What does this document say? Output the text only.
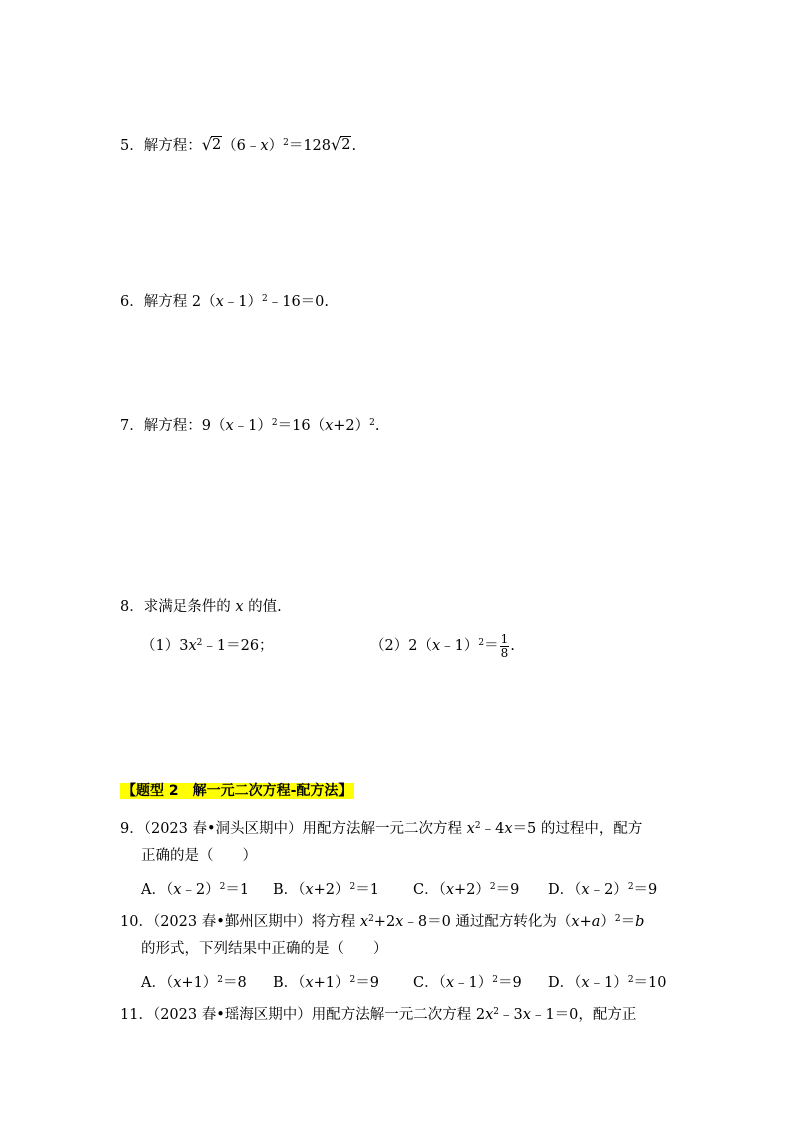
5．解方程： √ 2 （6﹣x）$^2$＝128 √ 2 .
6．解方程 2（x﹣1）$^2$﹣16＝0.
7．解方程：$9(x﹣1)^2=16(x+2)^2$.
8．求满足条件的 x 的值.
$(1)3x^2﹣1=26$；	（2）2（x﹣1）$^2$＝ $\frac{1}{8}$ .
【题型 2　解一元二次方程-配方法】
9．（2023 春•洞头区期中）用配方法解一元二次方程 $x^2﹣4x=5$ 的过程中，配方
正确的是（　　）
A．（x﹣2）$^2$＝1 B．$(x+2)^2=1$ C．$(x+2)^2=9$ D．（x﹣2）$^2$＝9
10．（2023 春•鄞州区期中）将方程 $x^2+2x﹣8=0$ 通过配方转化为$(x+a)^2=b$
的形式，下列结果中正确的是（　　）
A．$(x+1)^2=8$ B．$(x+1)^2=9$ C．（x﹣1）$^2$＝9 D．（x﹣1）$^2$＝10
11．（2023 春•瑶海区期中）用配方法解一元二次方程 $2x^2﹣3x﹣1=0$，配方正
